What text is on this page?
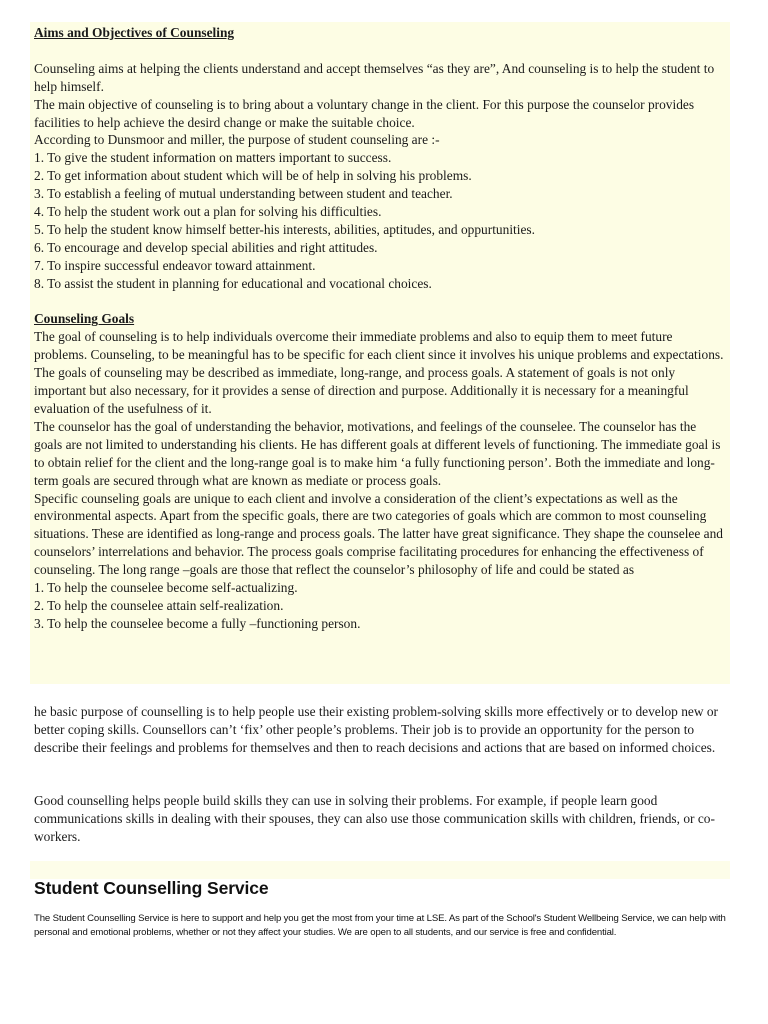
Aims and Objectives of Counseling
Counseling aims at helping the clients understand and accept themselves “as they are”, And counseling is to help the student to help himself.
The main objective of counseling is to bring about a voluntary change in the client. For this purpose the counselor provides facilities to help achieve the desird change or make the suitable choice.
According to Dunsmoor and miller, the purpose of student counseling are :-
1. To give the student information on matters important to success.
2. To get information about student which will be of help in solving his problems.
3. To establish a feeling of mutual understanding between student and teacher.
4. To help the student work out a plan for solving his difficulties.
5. To help the student know himself better-his interests, abilities, aptitudes, and oppurtunities.
6. To encourage and develop special abilities and right attitudes.
7. To inspire successful endeavor toward attainment.
8. To assist the student in planning for educational and vocational choices.
Counseling Goals
The goal of counseling is to help individuals overcome their immediate problems and also to equip them to meet future problems. Counseling, to be meaningful has to be specific for each client since it involves his unique problems and expectations. The goals of counseling may be described as immediate, long-range, and process goals. A statement of goals is not only important but also necessary, for it provides a sense of direction and purpose. Additionally it is necessary for a meaningful evaluation of the usefulness of it.
The counselor has the goal of understanding the behavior, motivations, and feelings of the counselee. The counselor has the goals are not limited to understanding his clients. He has different goals at different levels of functioning. The immediate goal is to obtain relief for the client and the long-range goal is to make him ‘a fully functioning person’. Both the immediate and long- term goals are secured through what are known as mediate or process goals.
Specific counseling goals are unique to each client and involve a consideration of the client’s expectations as well as the environmental aspects. Apart from the specific goals, there are two categories of goals which are common to most counseling situations. These are identified as long-range and process goals. The latter have great significance. They shape the counselee and counselors’ interrelations and behavior. The process goals comprise facilitating procedures for enhancing the effectiveness of counseling. The long range –goals are those that reflect the counselor’s philosophy of life and could be stated as
1. To help the counselee become self-actualizing.
2. To help the counselee attain self-realization.
3. To help the counselee become a fully –functioning person.
he basic purpose of counselling is to help people use their existing problem-solving skills more effectively or to develop new or better coping skills. Counsellors can’t ‘fix’ other people’s problems. Their job is to provide an opportunity for the person to describe their feelings and problems for themselves and then to reach decisions and actions that are based on informed choices.
Good counselling helps people build skills they can use in solving their problems. For example, if people learn good communications skills in dealing with their spouses, they can also use those communication skills with children, friends, or co-workers.
Student Counselling Service

The Student Counselling Service is here to support and help you get the most from your time at LSE. As part of the School's Student Wellbeing Service, we can help with personal and emotional problems, whether or not they affect your studies. We are open to all students, and our service is free and confidential.
